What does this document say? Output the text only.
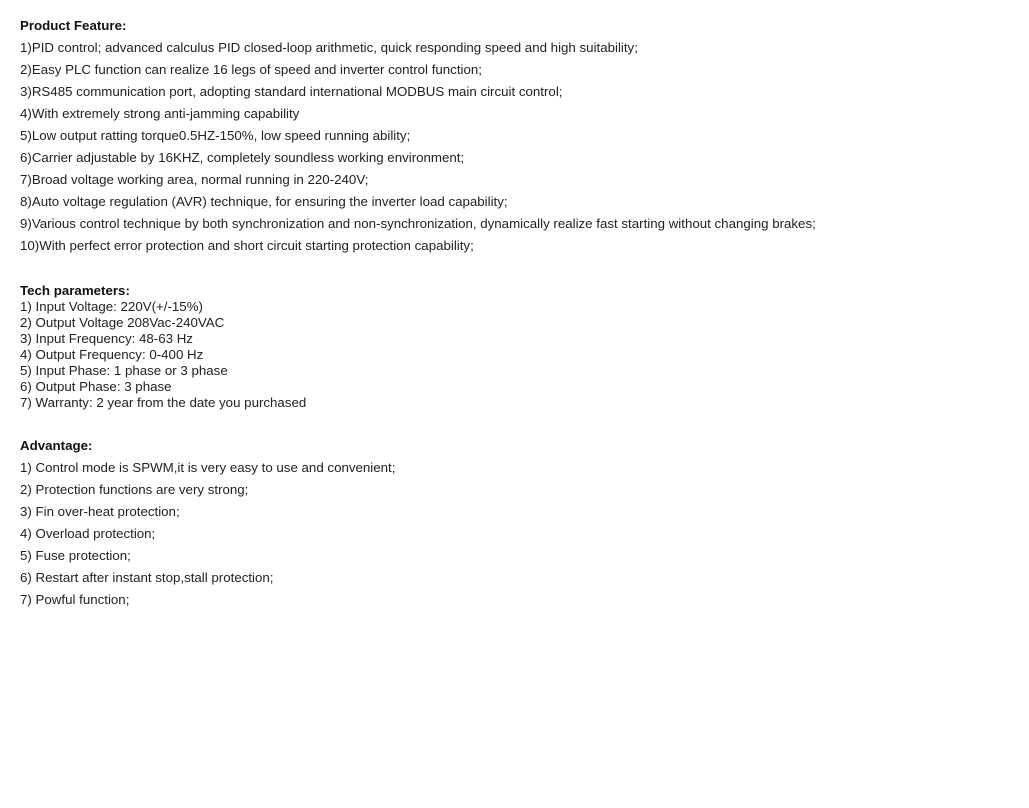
Product Feature:
1)PID control; advanced calculus PID closed-loop arithmetic, quick responding speed and high suitability;
2)Easy PLC function can realize 16 legs of speed and inverter control function;
3)RS485 communication port, adopting standard international MODBUS main circuit control;
4)With extremely strong anti-jamming capability
5)Low output ratting torque0.5HZ-150%, low speed running ability;
6)Carrier adjustable by 16KHZ, completely soundless working environment;
7)Broad voltage working area, normal running in 220-240V;
8)Auto voltage regulation (AVR) technique, for ensuring the inverter load capability;
9)Various control technique by both synchronization and non-synchronization, dynamically realize fast starting without changing brakes;
10)With perfect error protection and short circuit starting protection capability;
Tech parameters:
1) Input Voltage: 220V(+/-15%)
2) Output Voltage 208Vac-240VAC
3) Input Frequency: 48-63 Hz
4) Output Frequency: 0-400 Hz
5) Input Phase: 1 phase or 3 phase
6) Output Phase: 3 phase
7) Warranty: 2 year from the date you purchased
Advantage:
1) Control mode is SPWM,it is very easy to use and convenient;
2) Protection functions are very strong;
3) Fin over-heat protection;
4) Overload protection;
5) Fuse protection;
6) Restart after instant stop,stall protection;
7) Powful function;
